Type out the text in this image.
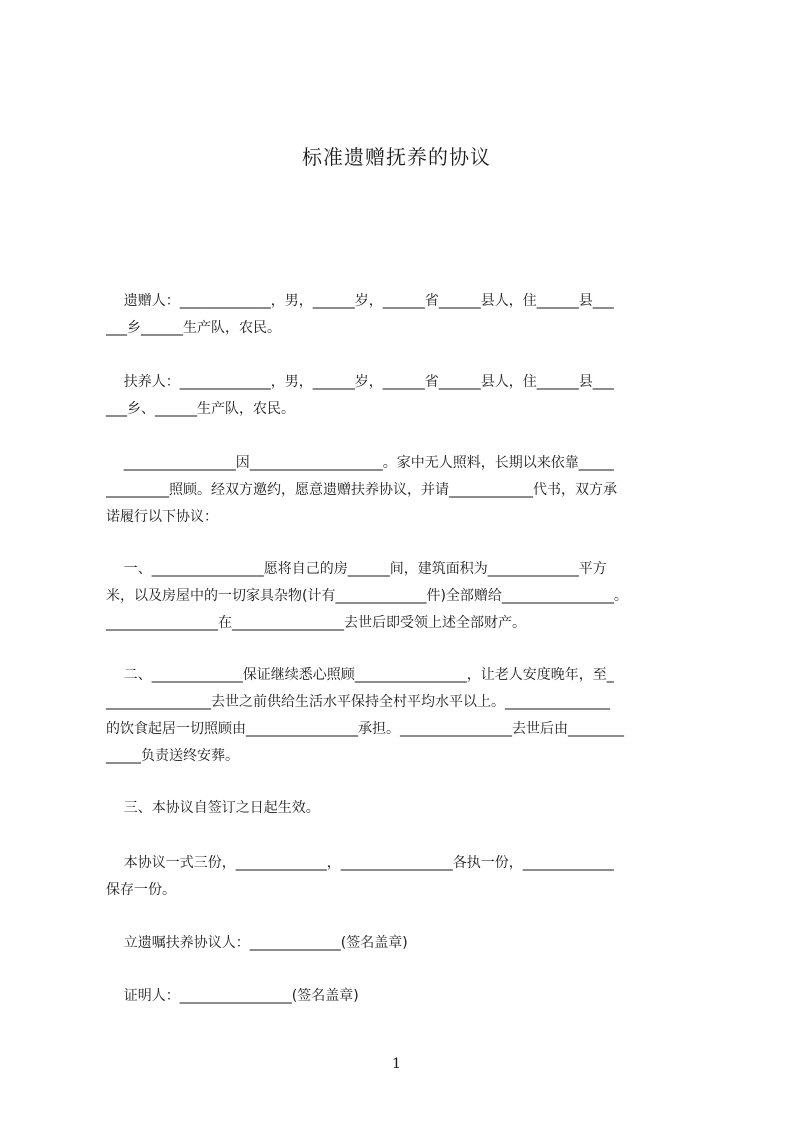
标准遗赠抚养的协议
遗赠人：_____________，男，______岁，______省______县人，住______县___
___乡______生产队，农民。
扶养人：_____________，男，______岁，______省______县人，住______县___
___乡、______生产队，农民。
________________因___________________。家中无人照料，长期以来依靠_____
_________照顾。经双方邀约，愿意遗赠扶养协议，并请____________代书，双方承
诺履行以下协议：
一、________________愿将自己的房______间，建筑面积为_____________平方
米，以及房屋中的一切家具杂物(计有_____________件)全部赠给________________。
________________在________________去世后即受领上述全部财产。
二、_____________保证继续悉心照顾________________，让老人安度晚年，至_
_______________去世之前供给生活水平保持全村平均水平以上。_______________
的饮食起居一切照顾由________________承担。________________去世后由________
_____负责送终安葬。
三、本协议自签订之日起生效。
本协议一式三份，_____________，________________各执一份，_____________
保存一份。
立遗嘱扶养协议人：_____________(签名盖章)
证明人：________________(签名盖章)
1
